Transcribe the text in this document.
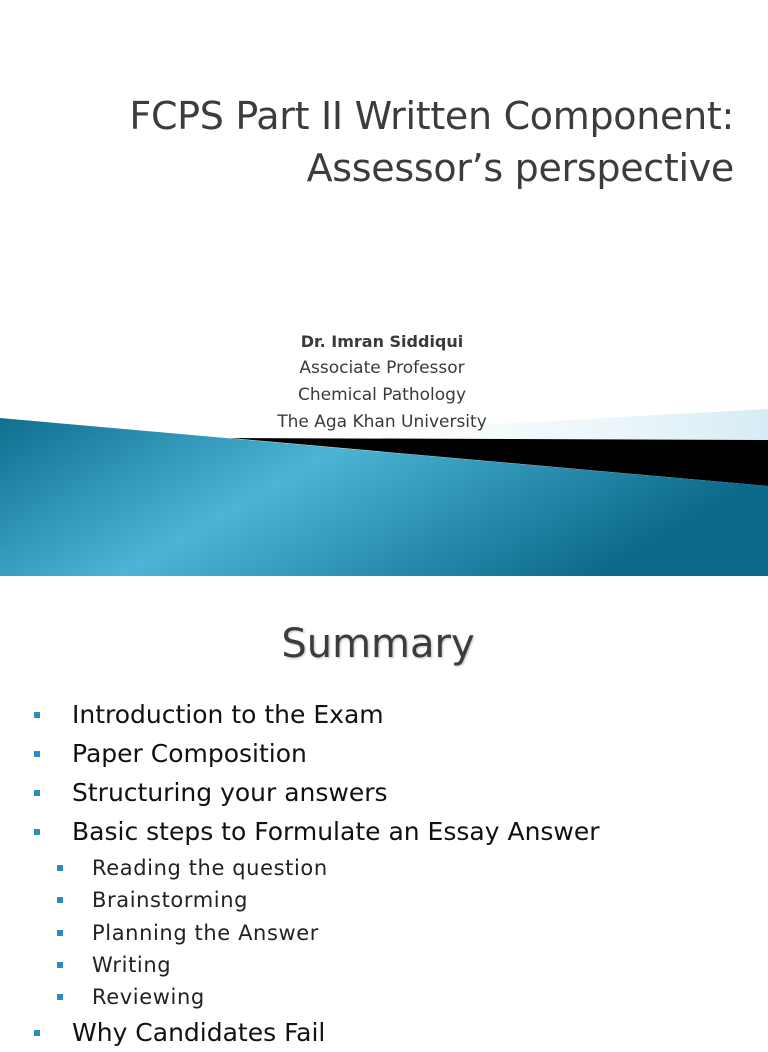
FCPS Part II Written Component:
Assessor’s perspective
Dr. Imran Siddiqui
Associate Professor
Chemical Pathology
The Aga Khan University
Summary
Introduction to the Exam
Paper Composition
Structuring your answers
Basic steps to Formulate an Essay Answer
Reading the question
Brainstorming
Planning the Answer
Writing
Reviewing
Why Candidates Fail
